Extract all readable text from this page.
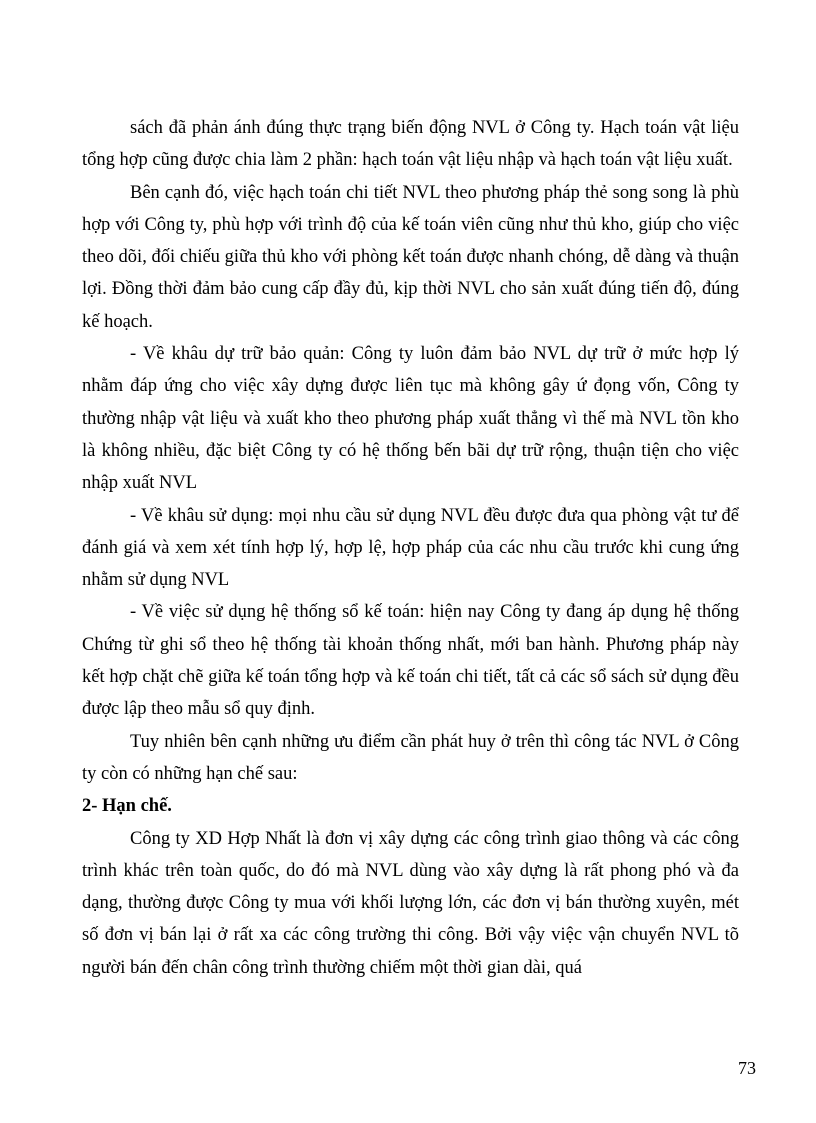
sách đã phản ánh đúng thực trạng biến động NVL ở Công ty. Hạch toán vật liệu tổng hợp cũng được chia làm 2 phần: hạch toán vật liệu nhập và hạch toán vật liệu xuất.

Bên cạnh đó, việc hạch toán chi tiết NVL theo phương pháp thẻ song song là phù hợp với Công ty, phù hợp với trình độ của kế toán viên cũng như thủ kho, giúp cho việc theo dõi, đối chiếu giữa thủ kho với phòng kết toán được nhanh chóng, dễ dàng và thuận lợi. Đồng thời đảm bảo cung cấp đầy đủ, kịp thời NVL cho sản xuất đúng tiến độ, đúng kế hoạch.

- Về khâu dự trữ bảo quản: Công ty luôn đảm bảo NVL dự trữ ở mức hợp lý nhằm đáp ứng cho việc xây dựng được liên tục mà không gây ứ đọng vốn, Công ty thường nhập vật liệu và xuất kho theo phương pháp xuất thẳng vì thế mà NVL tồn kho là không nhiều, đặc biệt Công ty có hệ thống bến bãi dự trữ rộng, thuận tiện cho việc nhập xuất NVL

- Về khâu sử dụng: mọi nhu cầu sử dụng NVL đều được đưa qua phòng vật tư để đánh giá và xem xét tính hợp lý, hợp lệ, hợp pháp của các nhu cầu trước khi cung ứng nhằm sử dụng NVL

- Về việc sử dụng hệ thống sổ kế toán: hiện nay Công ty đang áp dụng hệ thống Chứng từ ghi sổ theo hệ thống tài khoản thống nhất, mới ban hành. Phương pháp này kết hợp chặt chẽ giữa kế toán tổng hợp và kế toán chi tiết, tất cả các sổ sách sử dụng đều được lập theo mẫu sổ quy định.

Tuy nhiên bên cạnh những ưu điểm cần phát huy ở trên thì công tác NVL ở Công ty còn có những hạn chế sau:

2- Hạn chế.

Công ty XD Hợp Nhất là đơn vị xây dựng các công trình giao thông và các công trình khác trên toàn quốc, do đó mà NVL dùng vào xây dựng là rất phong phó và đa dạng, thường được Công ty mua với khối lượng lớn, các đơn vị bán thường xuyên, mét số đơn vị bán lại ở rất xa các công trường thi công. Bởi vậy việc vận chuyển NVL tõ người bán đến chân công trình thường chiếm một thời gian dài, quá

73
